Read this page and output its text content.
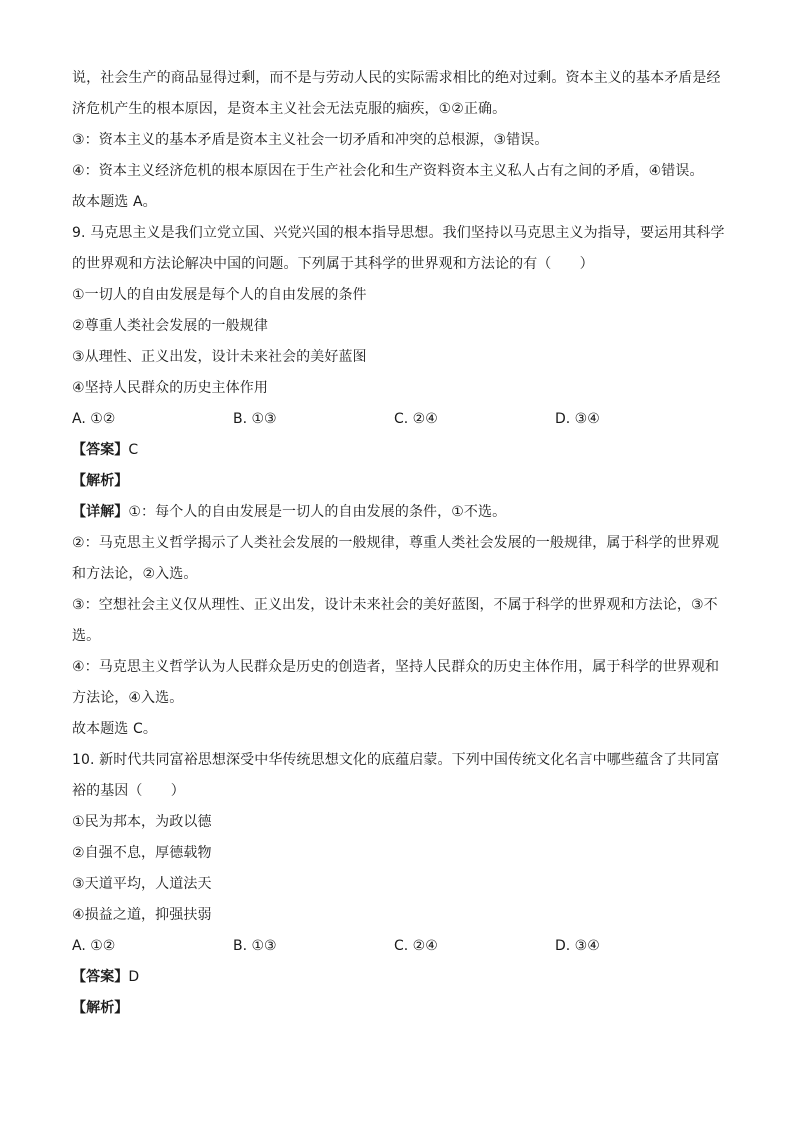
说，社会生产的商品显得过剩，而不是与劳动人民的实际需求相比的绝对过剩。资本主义的基本矛盾是经
济危机产生的根本原因，是资本主义社会无法克服的痼疾，①②正确。
③：资本主义的基本矛盾是资本主义社会一切矛盾和冲突的总根源，③错误。
④：资本主义经济危机的根本原因在于生产社会化和生产资料资本主义私人占有之间的矛盾，④错误。
故本题选 A。
9. 马克思主义是我们立党立国、兴党兴国的根本指导思想。我们坚持以马克思主义为指导，要运用其科学
的世界观和方法论解决中国的问题。下列属于其科学的世界观和方法论的有（　　）
①一切人的自由发展是每个人的自由发展的条件
②尊重人类社会发展的一般规律
③从理性、正义出发，设计未来社会的美好蓝图
④坚持人民群众的历史主体作用
A. ①②	B. ①③	C. ②④	D. ③④
【答案】C
【解析】
【详解】①：每个人的自由发展是一切人的自由发展的条件，①不选。
②：马克思主义哲学揭示了人类社会发展的一般规律，尊重人类社会发展的一般规律，属于科学的世界观
和方法论，②入选。
③：空想社会主义仅从理性、正义出发，设计未来社会的美好蓝图，不属于科学的世界观和方法论，③不
选。
④：马克思主义哲学认为人民群众是历史的创造者，坚持人民群众的历史主体作用，属于科学的世界观和
方法论，④入选。
故本题选 C。
10. 新时代共同富裕思想深受中华传统思想文化的底蕴启蒙。下列中国传统文化名言中哪些蕴含了共同富
裕的基因（　　）
①民为邦本，为政以德
②自强不息，厚德载物
③天道平均，人道法天
④损益之道，抑强扶弱
A. ①②	B. ①③	C. ②④	D. ③④
【答案】D
【解析】
